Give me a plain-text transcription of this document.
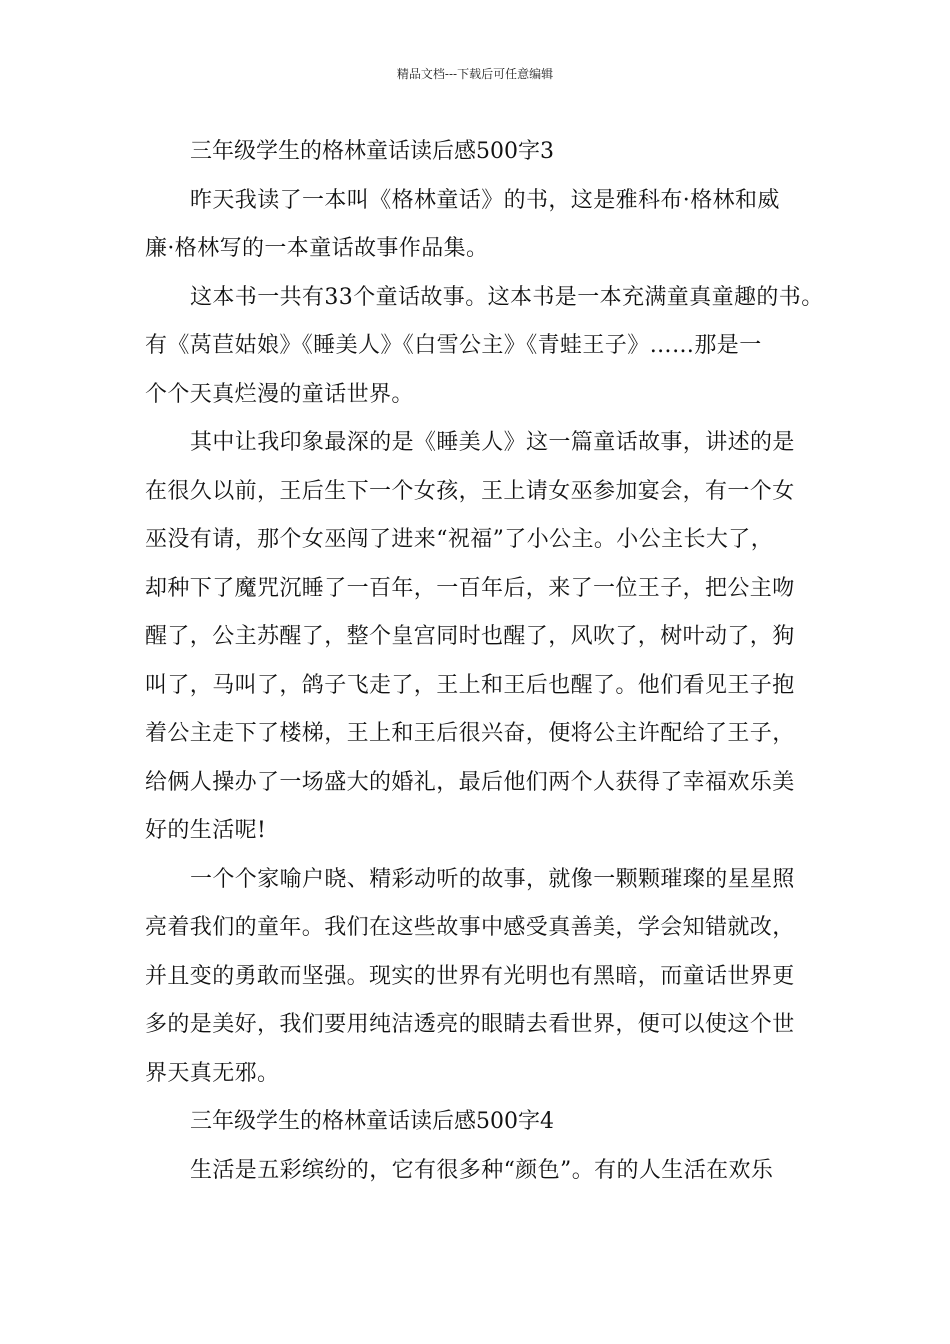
精品文档---下载后可任意编辑
三年级学生的格林童话读后感500字3
昨天我读了一本叫《格林童话》的书，这是雅科布·格林和威
廉·格林写的一本童话故事作品集。
这本书一共有33个童话故事。这本书是一本充满童真童趣的书。
有《莴苣姑娘》《睡美人》《白雪公主》《青蛙王子》……那是一
个个天真烂漫的童话世界。
其中让我印象最深的是《睡美人》这一篇童话故事，讲述的是
在很久以前，王后生下一个女孩，王上请女巫参加宴会，有一个女
巫没有请，那个女巫闯了进来“祝福”了小公主。小公主长大了，
却种下了魔咒沉睡了一百年，一百年后，来了一位王子，把公主吻
醒了，公主苏醒了，整个皇宫同时也醒了，风吹了，树叶动了，狗
叫了，马叫了，鸽子飞走了，王上和王后也醒了。他们看见王子抱
着公主走下了楼梯，王上和王后很兴奋，便将公主许配给了王子，
给俩人操办了一场盛大的婚礼，最后他们两个人获得了幸福欢乐美
好的生活呢!
一个个家喻户晓、精彩动听的故事，就像一颗颗璀璨的星星照
亮着我们的童年。我们在这些故事中感受真善美，学会知错就改，
并且变的勇敢而坚强。现实的世界有光明也有黑暗，而童话世界更
多的是美好，我们要用纯洁透亮的眼睛去看世界，便可以使这个世
界天真无邪。
三年级学生的格林童话读后感500字4
生活是五彩缤纷的，它有很多种“颜色”。有的人生活在欢乐
